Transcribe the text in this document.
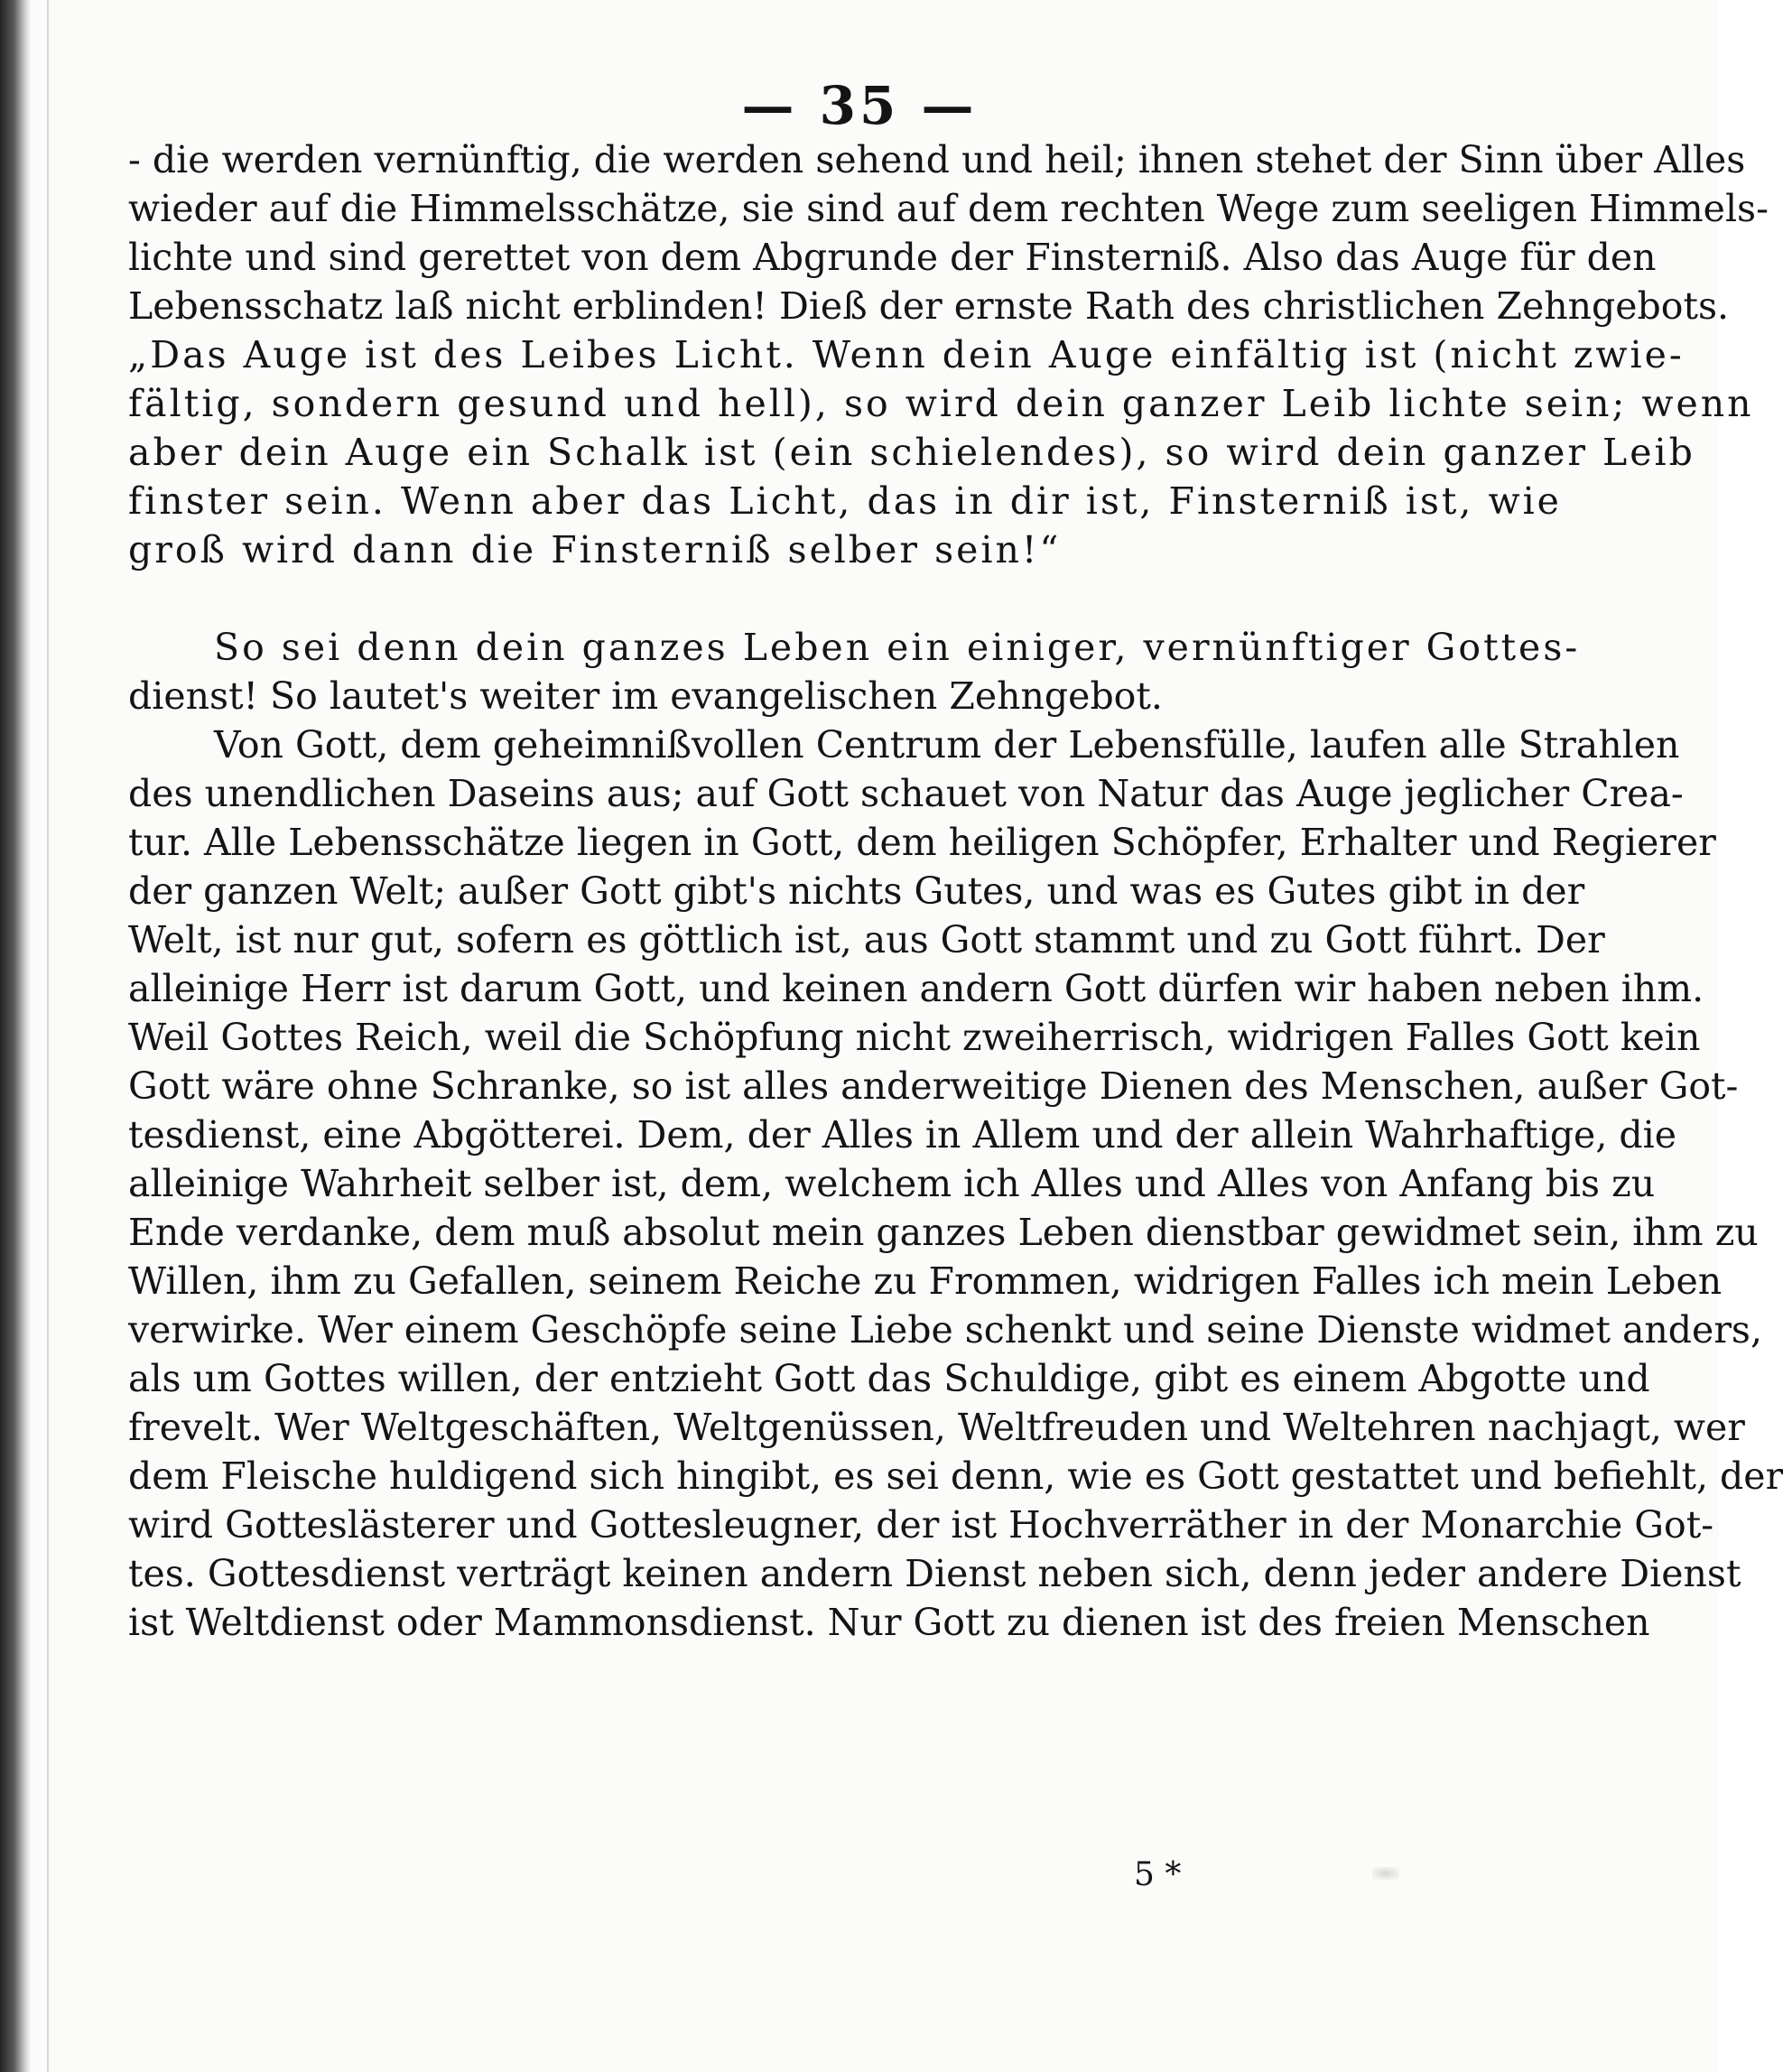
— 35 —
- die werden vernünftig, die werden sehend und heil; ihnen stehet der Sinn über Alles
wieder auf die Himmelsschätze, sie sind auf dem rechten Wege zum seeligen Himmels-
lichte und sind gerettet von dem Abgrunde der Finsterniß. Also das Auge für den
Lebensschatz laß nicht erblinden! Dieß der ernste Rath des christlichen Zehngebots.
„Das Auge ist des Leibes Licht. Wenn dein Auge einfältig ist (nicht zwie-
fältig, sondern gesund und hell), so wird dein ganzer Leib lichte sein; wenn
aber dein Auge ein Schalk ist (ein schielendes), so wird dein ganzer Leib
finster sein. Wenn aber das Licht, das in dir ist, Finsterniß ist, wie
groß wird dann die Finsterniß selber sein!“
So sei denn dein ganzes Leben ein einiger, vernünftiger Gottes-
dienst! So lautet's weiter im evangelischen Zehngebot.
Von Gott, dem geheimnißvollen Centrum der Lebensfülle, laufen alle Strahlen
des unendlichen Daseins aus; auf Gott schauet von Natur das Auge jeglicher Crea-
tur. Alle Lebensschätze liegen in Gott, dem heiligen Schöpfer, Erhalter und Regierer
der ganzen Welt; außer Gott gibt's nichts Gutes, und was es Gutes gibt in der
Welt, ist nur gut, sofern es göttlich ist, aus Gott stammt und zu Gott führt. Der
alleinige Herr ist darum Gott, und keinen andern Gott dürfen wir haben neben ihm.
Weil Gottes Reich, weil die Schöpfung nicht zweiherrisch, widrigen Falles Gott kein
Gott wäre ohne Schranke, so ist alles anderweitige Dienen des Menschen, außer Got-
tesdienst, eine Abgötterei. Dem, der Alles in Allem und der allein Wahrhaftige, die
alleinige Wahrheit selber ist, dem, welchem ich Alles und Alles von Anfang bis zu
Ende verdanke, dem muß absolut mein ganzes Leben dienstbar gewidmet sein, ihm zu
Willen, ihm zu Gefallen, seinem Reiche zu Frommen, widrigen Falles ich mein Leben
verwirke. Wer einem Geschöpfe seine Liebe schenkt und seine Dienste widmet anders,
als um Gottes willen, der entzieht Gott das Schuldige, gibt es einem Abgotte und
frevelt. Wer Weltgeschäften, Weltgenüssen, Weltfreuden und Weltehren nachjagt, wer
dem Fleische huldigend sich hingibt, es sei denn, wie es Gott gestattet und befiehlt, der
wird Gotteslästerer und Gottesleugner, der ist Hochverräther in der Monarchie Got-
tes. Gottesdienst verträgt keinen andern Dienst neben sich, denn jeder andere Dienst
ist Weltdienst oder Mammonsdienst. Nur Gott zu dienen ist des freien Menschen
5 *
